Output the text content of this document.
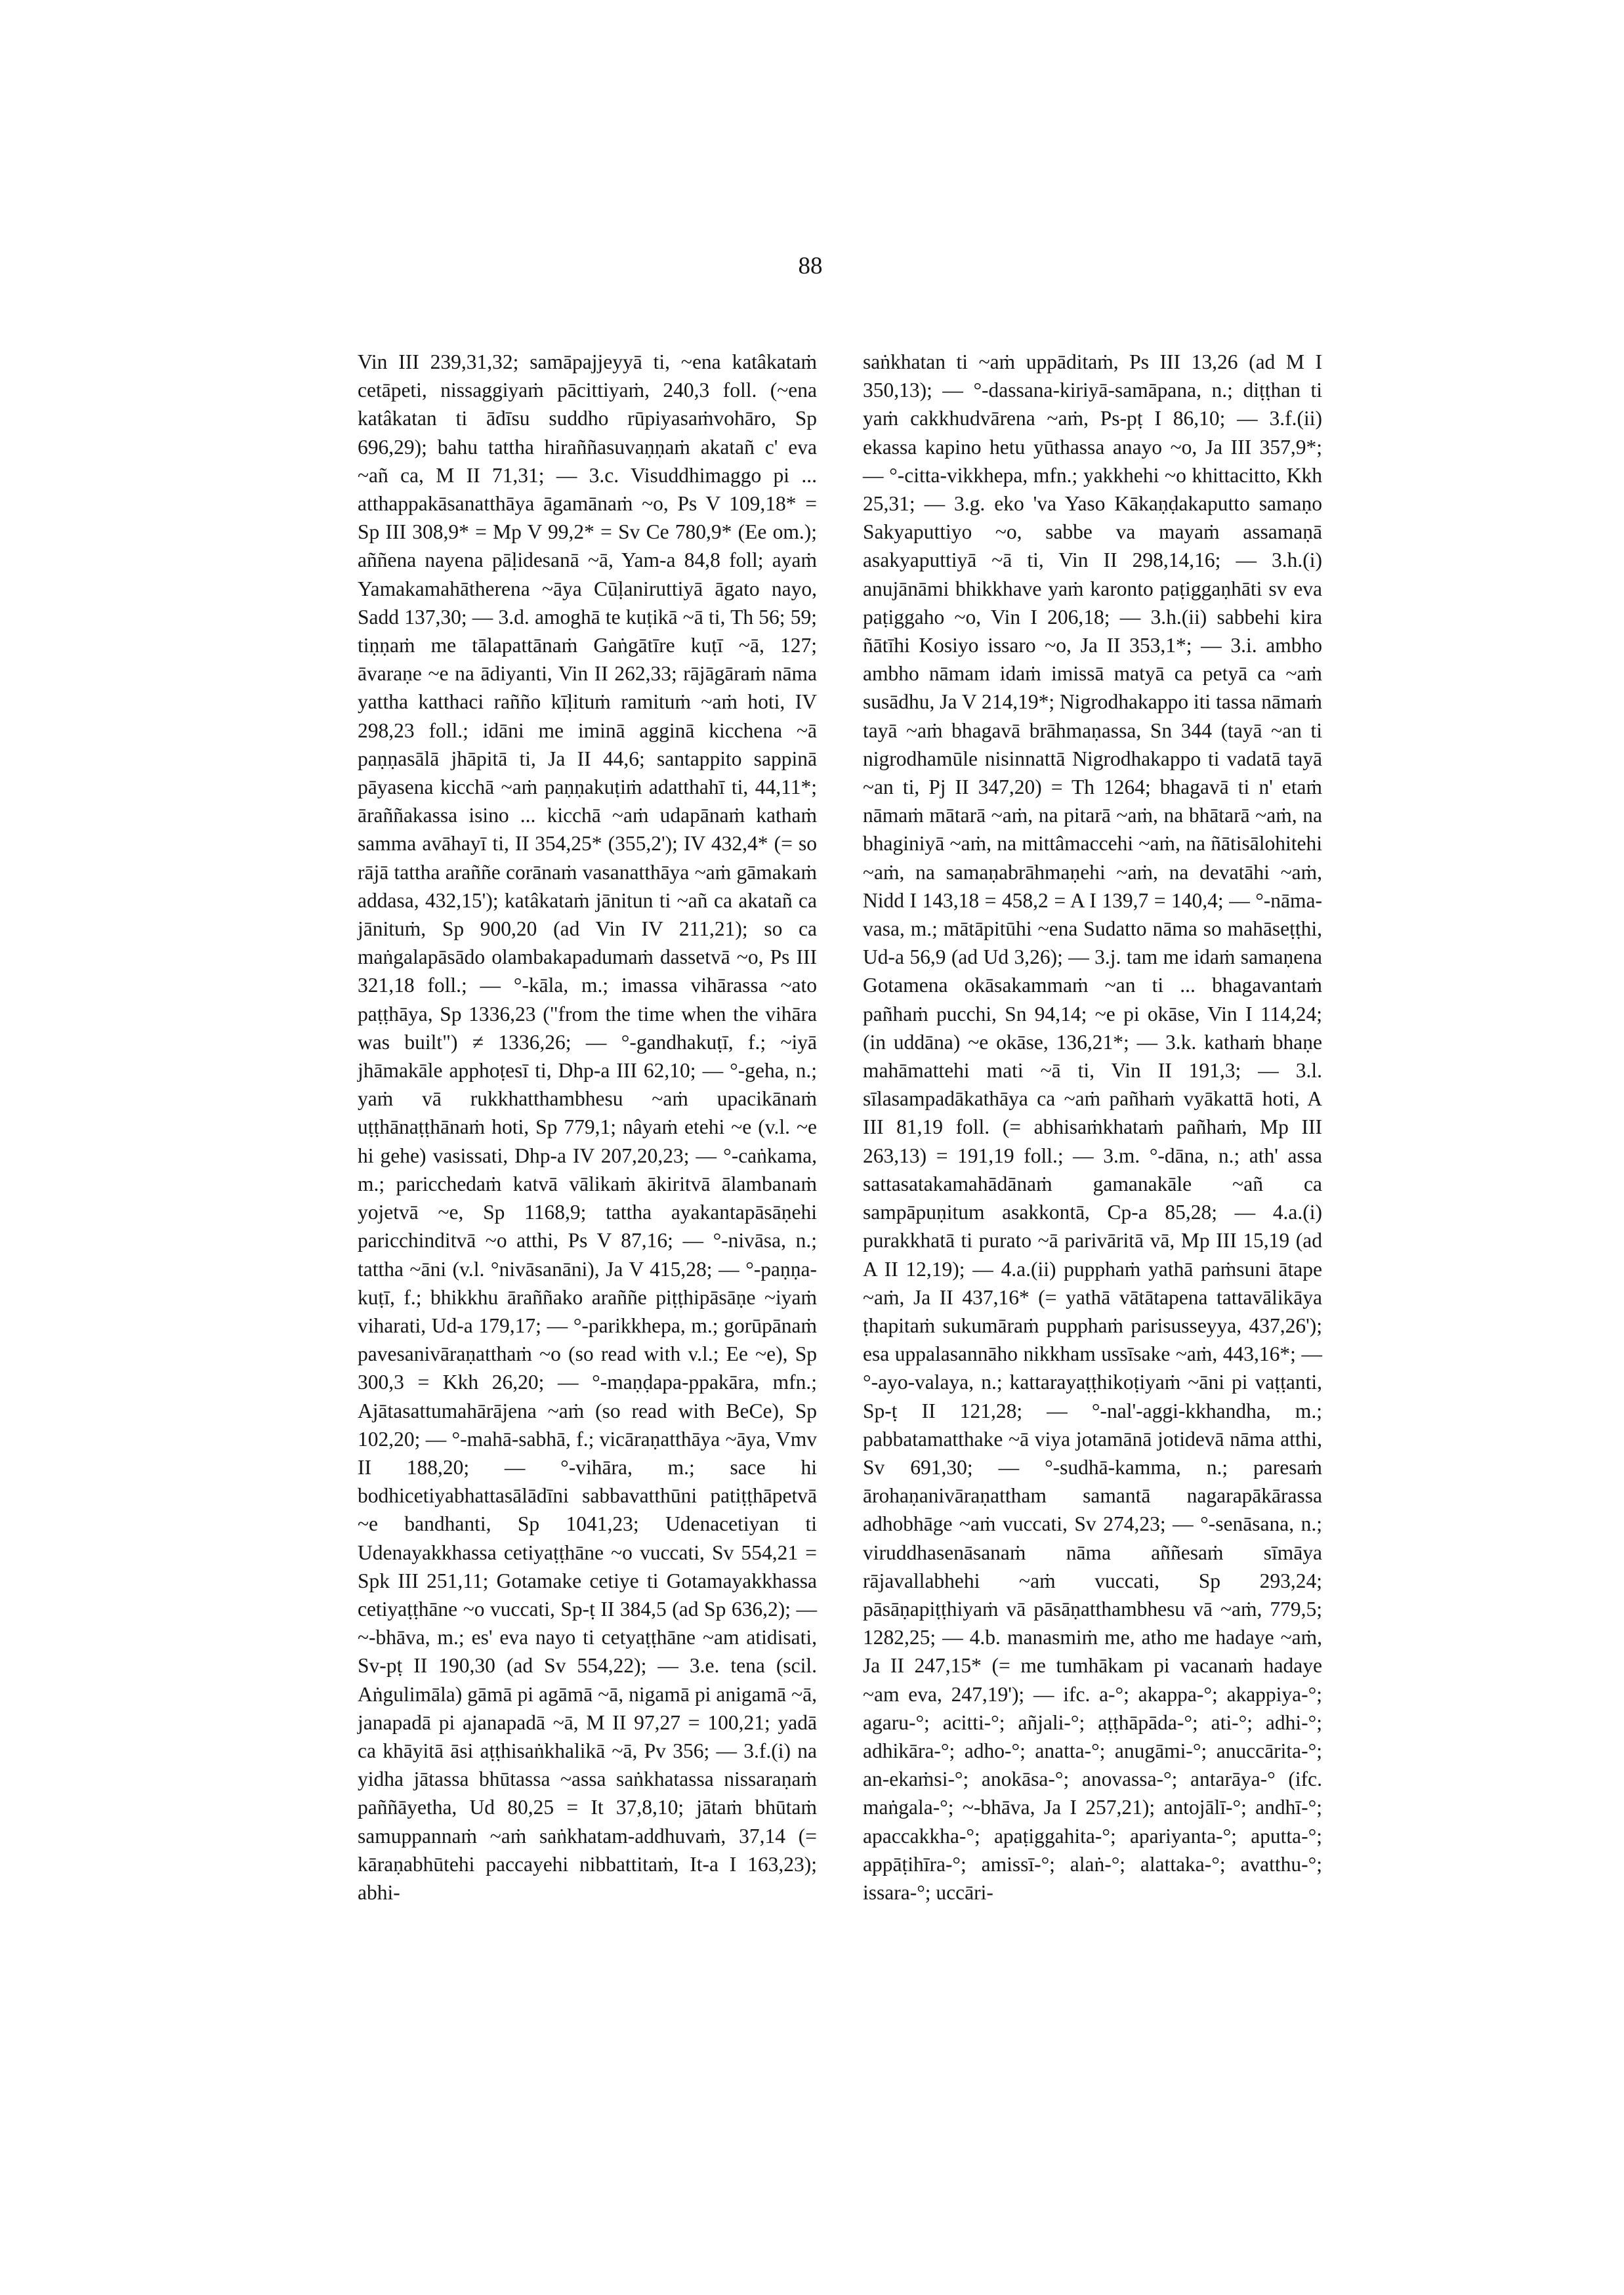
88

Vin III 239,31,32; samāpajjeyyā ti, ~ena katâkataṁ cetāpeti, nissaggiyaṁ pācittiyaṁ, 240,3 foll. (~ena katâkatan ti ādīsu suddho rūpiyasaṁvohāro, Sp 696,29); bahu tattha hiraññasuvaṇṇaṁ akatañ c' eva ~añ ca, M II 71,31; — 3.c. Visuddhimaggo pi ... atthappakāsanatthāya āgamānaṁ ~o, Ps V 109,18* = Sp III 308,9* = Mp V 99,2* = Sv Ce 780,9* (Ee om.); aññena nayena pāḷidesanā ~ā, Yam-a 84,8 foll; ayaṁ Yamakamahātherena ~āya Cūḷaniruttiyā āgato nayo, Sadd 137,30; — 3.d. amoghā te kuṭikā ~ā ti, Th 56; 59; tiṇṇaṁ me tālapattānaṁ Gaṅgātīre kuṭī ~ā, 127; āvaraṇe ~e na ādiyanti, Vin II 262,33; rājāgāraṁ nāma yattha katthaci rañño kīḷituṁ ramituṁ ~aṁ hoti, IV 298,23 foll.; idāni me iminā agginā kicchena ~ā paṇṇasālā jhāpitā ti, Ja II 44,6; santappito sappinā pāyasena kicchā ~aṁ paṇṇakuṭiṁ adatthahī ti, 44,11*; āraññakassa isino ... kicchā ~aṁ udapānaṁ kathaṁ samma avāhayī ti, II 354,25* (355,2'); IV 432,4* (= so rājā tattha araññe corānaṁ vasanatthāya ~aṁ gāmakaṁ addasa, 432,15'); katâkataṁ jānitun ti ~añ ca akatañ ca jānituṁ, Sp 900,20 (ad Vin IV 211,21); so ca maṅgalapāsādo olambakapadumaṁ dassetvā ~o, Ps III 321,18 foll.; — °-kāla, m.; imassa vihārassa ~ato paṭṭhāya, Sp 1336,23 ("from the time when the vihāra was built") ≠ 1336,26; — °-gandhakuṭī, f.; ~iyā jhāmakāle apphoṭesī ti, Dhp-a III 62,10; — °-geha, n.; yaṁ vā rukkhatthambhesu ~aṁ upacikānaṁ uṭṭhānaṭṭhānaṁ hoti, Sp 779,1; nâyaṁ etehi ~e (v.l. ~e hi gehe) vasissati, Dhp-a IV 207,20,23; — °-caṅkama, m.; paricchedaṁ katvā vālikaṁ ākiritvā ālambanaṁ yojetvā ~e, Sp 1168,9; tattha ayakantapāsāṇehi paricchinditvā ~o atthi, Ps V 87,16; — °-nivāsa, n.; tattha ~āni (v.l. °nivāsanāni), Ja V 415,28; — °-paṇṇa-kuṭī, f.; bhikkhu āraññako araññe piṭṭhipāsāṇe ~iyaṁ viharati, Ud-a 179,17; — °-parikkhepa, m.; gorūpānaṁ pavesanivāraṇatthaṁ ~o (so read with v.l.; Ee ~e), Sp 300,3 = Kkh 26,20; — °-maṇḍapa-ppakāra, mfn.; Ajātasattumahārājena ~aṁ (so read with BeCe), Sp 102,20; — °-mahā-sabhā, f.; vicāraṇatthāya ~āya, Vmv II 188,20; — °-vihāra, m.; sace hi bodhicetiyabhattasālādīni sabbavatthūni patiṭṭhāpetvā ~e bandhanti, Sp 1041,23; Udenacetiyan ti Udenayakkhassa cetiyaṭṭhāne ~o vuccati, Sv 554,21 = Spk III 251,11; Gotamake cetiye ti Gotamayakkhassa cetiyaṭṭhāne ~o vuccati, Sp-ṭ II 384,5 (ad Sp 636,2); — ~-bhāva, m.; es' eva nayo ti cetyaṭṭhāne ~am atidisati, Sv-pṭ II 190,30 (ad Sv 554,22); — 3.e. tena (scil. Aṅgulimāla) gāmā pi agāmā ~ā, nigamā pi anigamā ~ā, janapadā pi ajanapadā ~ā, M II 97,27 = 100,21; yadā ca khāyitā āsi aṭṭhisaṅkhalikā ~ā, Pv 356; — 3.f.(i) na yidha jātassa bhūtassa ~assa saṅkhatassa nissaraṇaṁ paññāyetha, Ud 80,25 = It 37,8,10; jātaṁ bhūtaṁ samuppannaṁ ~aṁ saṅkhatam-addhuvaṁ, 37,14 (= kāraṇabhūtehi paccayehi nibbattitaṁ, It-a I 163,23); abhi-

saṅkhatan ti ~aṁ uppāditaṁ, Ps III 13,26 (ad M I 350,13); — °-dassana-kiriyā-samāpana, n.; diṭṭhan ti yaṁ cakkhudvārena ~aṁ, Ps-pṭ I 86,10; — 3.f.(ii) ekassa kapino hetu yūthassa anayo ~o, Ja III 357,9*; — °-citta-vikkhepa, mfn.; yakkhehi ~o khittacitto, Kkh 25,31; — 3.g. eko 'va Yaso Kākaṇḍakaputto samaṇo Sakyaputtiyo ~o, sabbe va mayaṁ assamaṇā asakyaputtiyā ~ā ti, Vin II 298,14,16; — 3.h.(i) anujānāmi bhikkhave yaṁ karonto paṭiggaṇhāti sv eva paṭiggaho ~o, Vin I 206,18; — 3.h.(ii) sabbehi kira ñātīhi Kosiyo issaro ~o, Ja II 353,1*; — 3.i. ambho ambho nāmam idaṁ imissā matyā ca petyā ca ~aṁ susādhu, Ja V 214,19*; Nigrodhakappo iti tassa nāmaṁ tayā ~aṁ bhagavā brāhmaṇassa, Sn 344 (tayā ~an ti nigrodhamūle nisinnattā Nigrodhakappo ti vadatā tayā ~an ti, Pj II 347,20) = Th 1264; bhagavā ti n' etaṁ nāmaṁ mātarā ~aṁ, na pitarā ~aṁ, na bhātarā ~aṁ, na bhaginiyā ~aṁ, na mittâmaccehi ~aṁ, na ñātisālohitehi ~aṁ, na samaṇabrāhmaṇehi ~aṁ, na devatāhi ~aṁ, Nidd I 143,18 = 458,2 = A I 139,7 = 140,4; — °-nāma-vasa, m.; mātāpitūhi ~ena Sudatto nāma so mahāseṭṭhi, Ud-a 56,9 (ad Ud 3,26); — 3.j. tam me idaṁ samaṇena Gotamena okāsakammaṁ ~an ti ... bhagavantaṁ pañhaṁ pucchi, Sn 94,14; ~e pi okāse, Vin I 114,24; (in uddāna) ~e okāse, 136,21*; — 3.k. kathaṁ bhaṇe mahāmattehi mati ~ā ti, Vin II 191,3; — 3.l. sīlasampadākathāya ca ~aṁ pañhaṁ vyākattā hoti, A III 81,19 foll. (= abhisaṁkhataṁ pañhaṁ, Mp III 263,13) = 191,19 foll.; — 3.m. °-dāna, n.; ath' assa sattasatakamahādānaṁ gamanakāle ~añ ca sampāpuṇitum asakkontā, Cp-a 85,28; — 4.a.(i) purakkhatā ti purato ~ā parivāritā vā, Mp III 15,19 (ad A II 12,19); — 4.a.(ii) pupphaṁ yathā paṁsuni ātape ~aṁ, Ja II 437,16* (= yathā vātātapena tattavālikāya ṭhapitaṁ sukumāraṁ pupphaṁ parisusseyya, 437,26'); esa uppalasannāho nikkham ussīsake ~aṁ, 443,16*; — °-ayo-valaya, n.; kattarayaṭṭhikoṭiyaṁ ~āni pi vaṭṭanti, Sp-ṭ II 121,28; — °-nal'-aggi-kkhandha, m.; pabbatamatthake ~ā viya jotamānā jotidevā nāma atthi, Sv 691,30; — °-sudhā-kamma, n.; paresaṁ ārohaṇanivāraṇattham samantā nagarapākārassa adhobhāge ~aṁ vuccati, Sv 274,23; — °-senāsana, n.; viruddhasenāsanaṁ nāma aññesaṁ sīmāya rājavallabhehi ~aṁ vuccati, Sp 293,24; pāsāṇapiṭṭhiyaṁ vā pāsāṇatthambhesu vā ~aṁ, 779,5; 1282,25; — 4.b. manasmiṁ me, atho me hadaye ~aṁ, Ja II 247,15* (= me tumhākam pi vacanaṁ hadaye ~am eva, 247,19'); — ifc. a-°; akappa-°; akappiya-°; agaru-°; acitti-°; añjali-°; aṭṭhāpāda-°; ati-°; adhi-°; adhikāra-°; adho-°; anatta-°; anugāmi-°; anuccārita-°; an-ekaṁsi-°; anokāsa-°; anovassa-°; antarāya-° (ifc. maṅgala-°; ~-bhāva, Ja I 257,21); antojālī-°; andhī-°; apaccakkha-°; apaṭiggahita-°; apariyanta-°; aputta-°; appāṭihīra-°; amissī-°; alaṅ-°; alattaka-°; avatthu-°; issara-°; uccāri-
